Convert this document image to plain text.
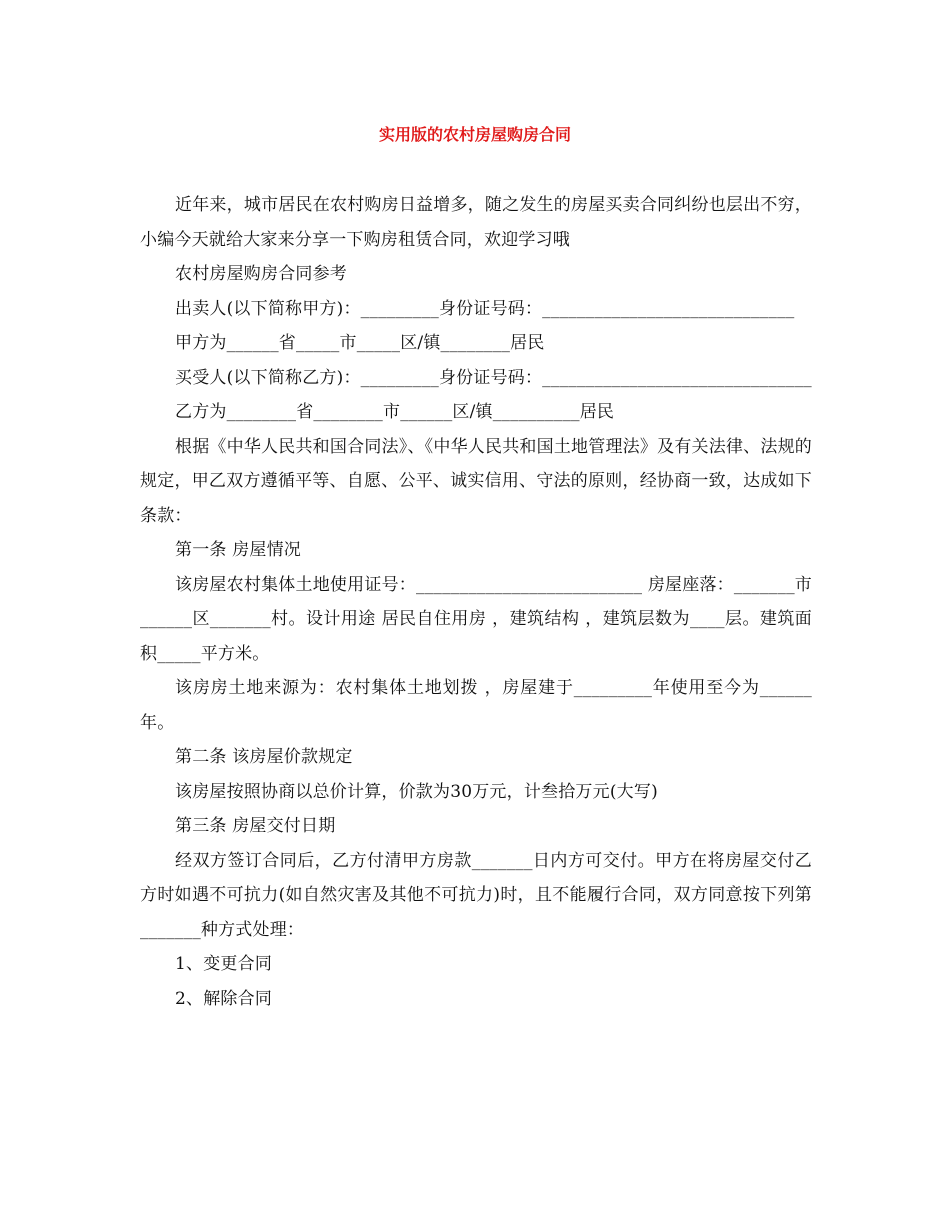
实用版的农村房屋购房合同

近年来，城市居民在农村购房日益增多，随之发生的房屋买卖合同纠纷也层出不穷，小编今天就给大家来分享一下购房租赁合同，欢迎学习哦

农村房屋购房合同参考

出卖人(以下简称甲方)：_________身份证号码：_____________________________

甲方为______省_____市_____区/镇________居民

买受人(以下简称乙方)：_________身份证号码：_______________________________

乙方为________省________市______区/镇__________居民

根据《中华人民共和国合同法》、《中华人民共和国土地管理法》及有关法律、法规的规定，甲乙双方遵循平等、自愿、公平、诚实信用、守法的原则，经协商一致，达成如下条款：

第一条 房屋情况

该房屋农村集体土地使用证号：__________________________ 房屋座落：_______市______区_______村。设计用途 居民自住用房 ，建筑结构 ，建筑层数为____层。建筑面积_____平方米。

该房房土地来源为：农村集体土地划拨 ，房屋建于_________年使用至今为______年。

第二条 该房屋价款规定

该房屋按照协商以总价计算，价款为30万元，计叁拾万元(大写)

第三条 房屋交付日期

经双方签订合同后，乙方付清甲方房款_______日内方可交付。甲方在将房屋交付乙方时如遇不可抗力(如自然灾害及其他不可抗力)时，且不能履行合同，双方同意按下列第_______种方式处理：

1、变更合同

2、解除合同
